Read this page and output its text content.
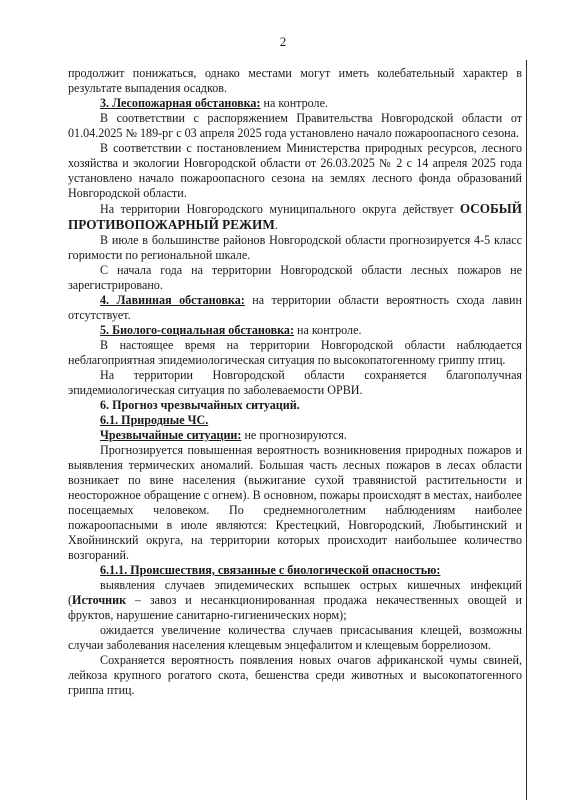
2

продолжит понижаться, однако местами могут иметь колебательный характер в результате выпадения осадков.

3. Лесопожарная обстановка: на контроле.

В соответствии с распоряжением Правительства Новгородской области от 01.04.2025 № 189-рг с 03 апреля 2025 года установлено начало пожароопасного сезона.

В соответствии с постановлением Министерства природных ресурсов, лесного хозяйства и экологии Новгородской области от 26.03.2025 № 2 с 14 апреля 2025 года установлено начало пожароопасного сезона на землях лесного фонда образований Новгородской области.

На территории Новгородского муниципального округа действует ОСОБЫЙ ПРОТИВОПОЖАРНЫЙ РЕЖИМ.

В июле в большинстве районов Новгородской области прогнозируется 4-5 класс горимости по региональной шкале.

С начала года на территории Новгородской области лесных пожаров не зарегистрировано.

4. Лавинная обстановка: на территории области вероятность схода лавин отсутствует.

5. Биолого-социальная обстановка: на контроле.

В настоящее время на территории Новгородской области наблюдается неблагоприятная эпидемиологическая ситуация по высокопатогенному гриппу птиц.

На территории Новгородской области сохраняется благополучная эпидемиологическая ситуация по заболеваемости ОРВИ.

6. Прогноз чрезвычайных ситуаций.

6.1. Природные ЧС.

Чрезвычайные ситуации: не прогнозируются.

Прогнозируется повышенная вероятность возникновения природных пожаров и выявления термических аномалий. Большая часть лесных пожаров в лесах области возникает по вине населения (выжигание сухой травянистой растительности и неосторожное обращение с огнем). В основном, пожары происходят в местах, наиболее посещаемых человеком. По среднемноголетним наблюдениям наиболее пожароопасными в июле являются: Крестецкий, Новгородский, Любытинский и Хвойнинский округа, на территории которых происходит наибольшее количество возгораний.

6.1.1. Происшествия, связанные с биологической опасностью:

выявления случаев эпидемических вспышек острых кишечных инфекций (Источник – завоз и несанкционированная продажа некачественных овощей и фруктов, нарушение санитарно-гигиенических норм);

ожидается увеличение количества случаев присасывания клещей, возможны случаи заболевания населения клещевым энцефалитом и клещевым боррелиозом.

Сохраняется вероятность появления новых очагов африканской чумы свиней, лейкоза крупного рогатого скота, бешенства среди животных и высокопатогенного гриппа птиц.
